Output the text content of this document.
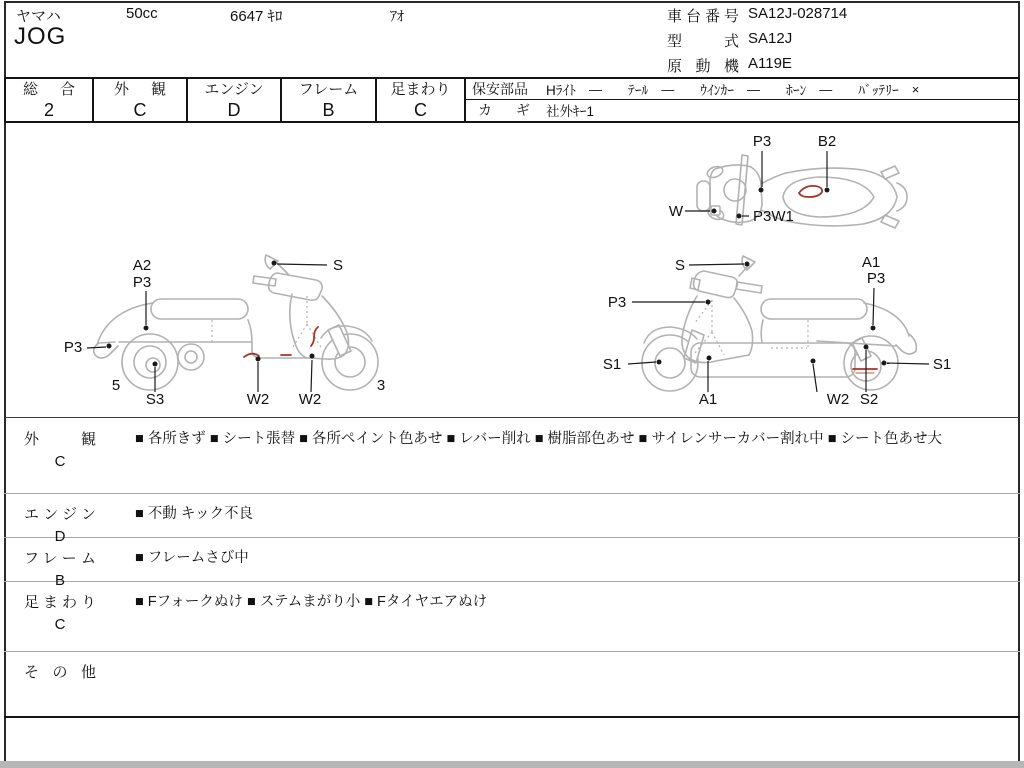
ヤマハ
JOG
50cc	6647 ｷﾛ	ｱｵ	車台番号 SA12J-028714
型式 SA12J
原動機 A119E
総合
2
外観
C
エンジン
D
フレーム
B
足まわり
C
保安部品 Hﾗｲﾄ ― ﾃｰﾙ ― ｳｲﾝｶｰ ― ﾎｰﾝ ― ﾊﾞｯﾃﾘｰ ×
カギ 社外ｷｰ1
P3	B2
W	P3W1
A2
P3
S
P3
5
S3	W2 W2
3
S	A1
P3
P3
S1
A1	W2 S2
S1
外観
C
■ 各所きず ■ シート張替 ■ 各所ペイント色あせ ■ レバー削れ ■ 樹脂部色あせ ■ サイレンサーカバー割れ中 ■ シート色あせ大
エンジン
D
■ 不動 キック不良
フレーム
B
■ フレームさび中
足まわり
C
■ Fフォークぬけ ■ ステムまがり小 ■ Fタイヤエアぬけ
その他
